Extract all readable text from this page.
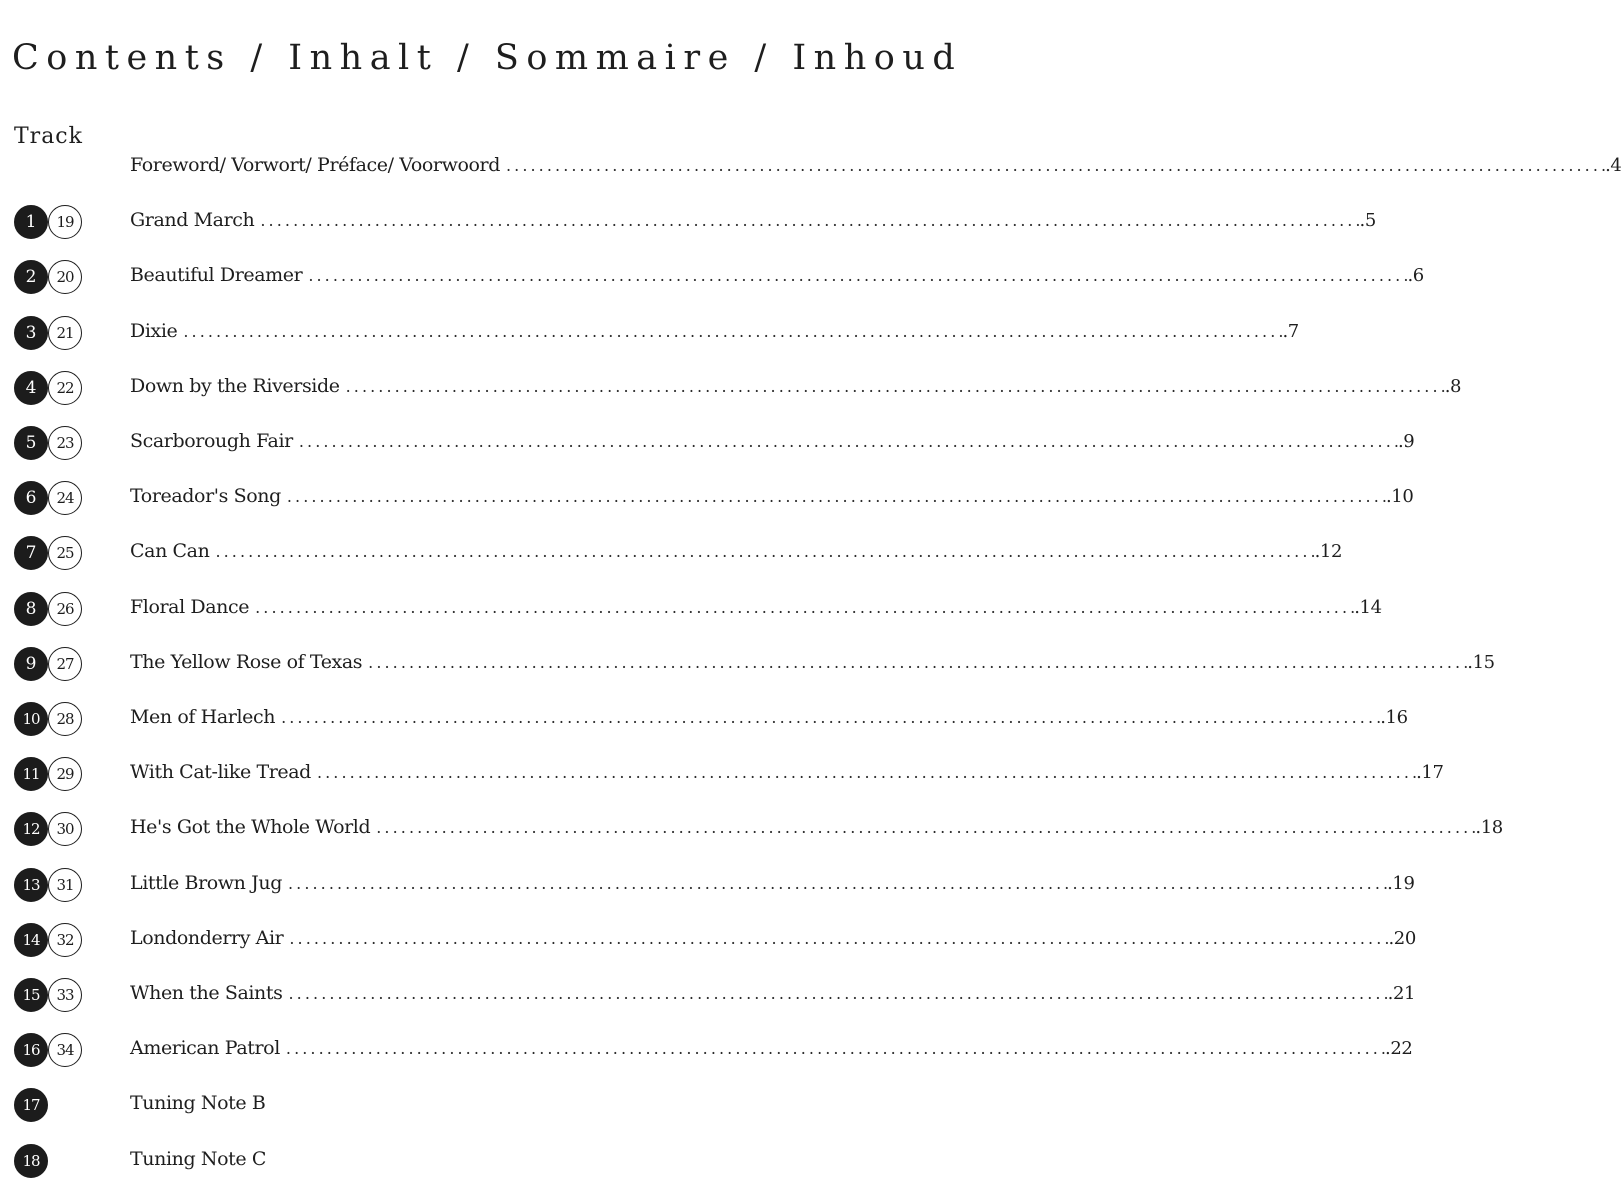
Contents / Inhalt / Sommaire / Inhoud
Track
Foreword/ Vorwort/ Préface/ Voorwoord . . .	.4
1	19	Grand March . . .	.5
2	20	Beautiful Dreamer . . .	.6
3	21	Dixie . . .	.7
4	22	Down by the Riverside . . .	.8
5	23	Scarborough Fair . . .	.9
6	24	Toreador's Song . . .	.10
7	25	Can Can . . .	.12
8	26	Floral Dance . . .	.14
9	27	The Yellow Rose of Texas . . .	.15
10	28	Men of Harlech . . .	.16
11	29	With Cat-like Tread . . .	.17
12	30	He's Got the Whole World . . .	.18
13	31	Little Brown Jug . . .	.19
14	32	Londonderry Air . . .	.20
15	33	When the Saints . . .	.21
16	34	American Patrol . . .	.22
17	Tuning Note B
18	Tuning Note C
